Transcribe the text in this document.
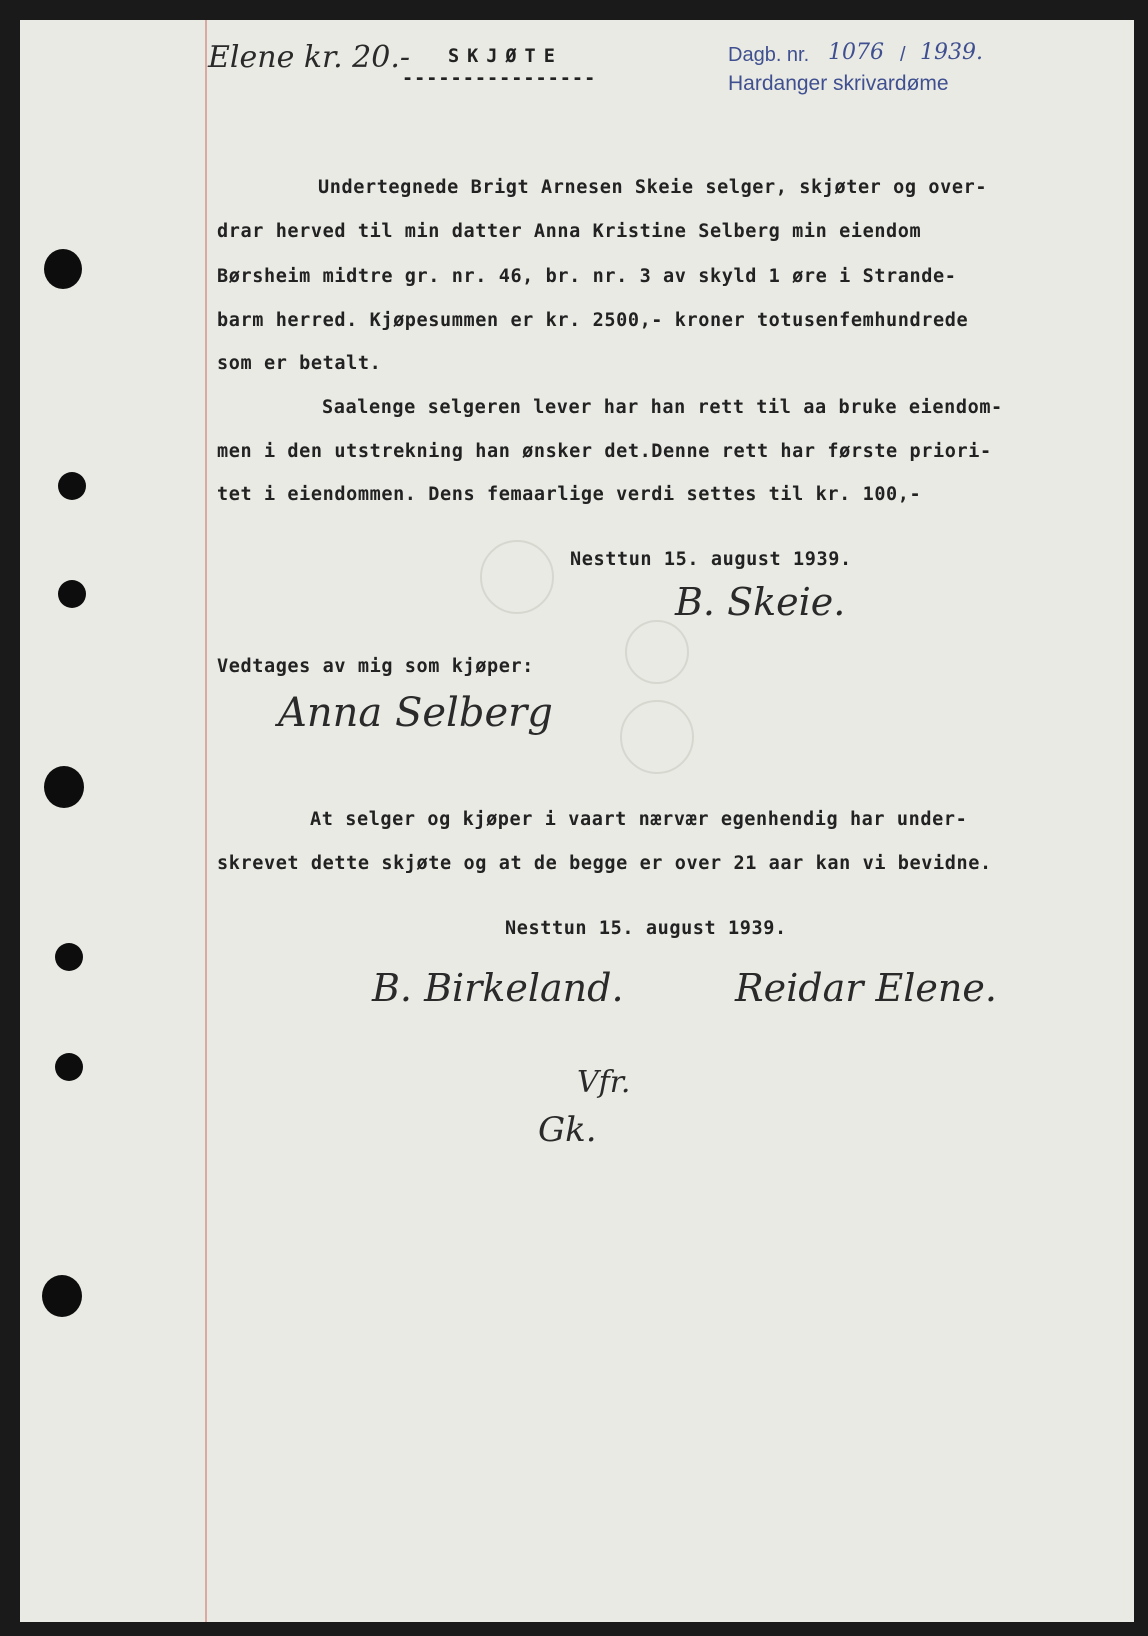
Elene kr. 20.- SKJØTE
----------------
Dagb. nr. 1076 / 1939.
Hardanger skrivardøme
Undertegnede Brigt Arnesen Skeie selger, skjøter og over-
drar herved til min datter Anna Kristine Selberg min eiendom
Børsheim midtre gr. nr. 46, br. nr. 3 av skyld 1 øre i Strande-
barm herred. Kjøpesummen er kr. 2500,- kroner totusenfemhundrede
som er betalt.
Saalenge selgeren lever har han rett til aa bruke eiendom-
men i den utstrekning han ønsker det.Denne rett har første priori-
tet i eiendommen. Dens femaarlige verdi settes til kr. 100,-
Nesttun 15. august 1939.
B. Skeie.
Vedtages av mig som kjøper:
Anna Selberg
At selger og kjøper i vaart nærvær egenhendig har under-
skrevet dette skjøte og at de begge er over 21 aar kan vi bevidne.
Nesttun 15. august 1939.
B. Birkeland.	Reidar Elene.
Vfr.
Gk.
